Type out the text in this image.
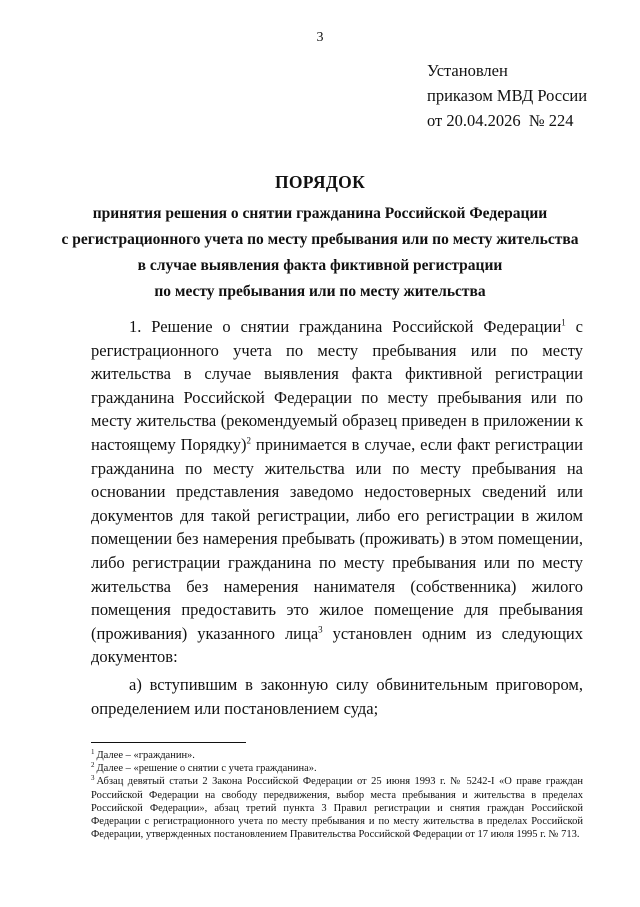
3
Установлен
приказом МВД России
от 20.04.2026  № 224
ПОРЯДОК
принятия решения о снятии гражданина Российской Федерации
с регистрационного учета по месту пребывания или по месту жительства
в случае выявления факта фиктивной регистрации
по месту пребывания или по месту жительства

1. Решение о снятии гражданина Российской Федерации$^1$ с регистрационного учета по месту пребывания или по месту жительства в случае выявления факта фиктивной регистрации гражданина Российской Федерации по месту пребывания или по месту жительства (рекомендуемый образец приведен в приложении к настоящему Порядку)$^2$ принимается в случае, если факт регистрации гражданина по месту жительства или по месту пребывания на основании представления заведомо недостоверных сведений или документов для такой регистрации, либо его регистрации в жилом помещении без намерения пребывать (проживать) в этом помещении, либо регистрации гражданина по месту пребывания или по месту жительства без намерения нанимателя (собственника) жилого помещения предоставить это жилое помещение для пребывания (проживания) указанного лица$^3$ установлен одним из следующих документов:

а) вступившим в законную силу обвинительным приговором, определением или постановлением суда;

$^1$ Далее – «гражданин».

$^2$ Далее – «решение о снятии с учета гражданина».

$^3$ Абзац девятый статьи 2 Закона Российской Федерации от 25 июня 1993 г. № 5242-I «О праве граждан Российской Федерации на свободу передвижения, выбор места пребывания и жительства в пределах Российской Федерации», абзац третий пункта 3 Правил регистрации и снятия граждан Российской Федерации с регистрационного учета по месту пребывания и по месту жительства в пределах Российской Федерации, утвержденных постановлением Правительства Российской Федерации от 17 июля 1995 г. № 713.
